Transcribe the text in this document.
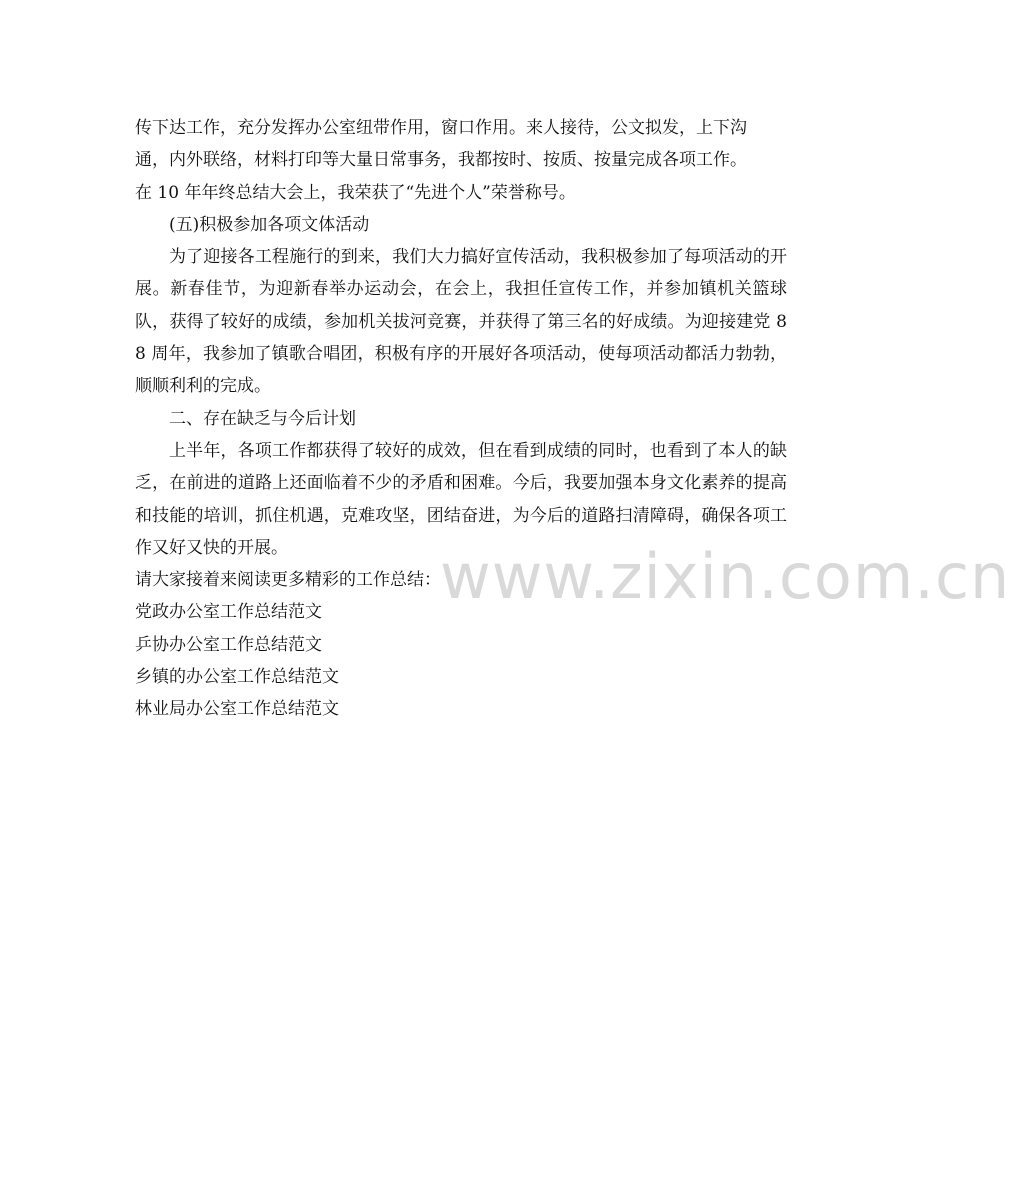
传下达工作，充分发挥办公室纽带作用，窗口作用。来人接待，公文拟发，上下沟

通，内外联络，材料打印等大量日常事务，我都按时、按质、按量完成各项工作。

在 10 年年终总结大会上，我荣获了“先进个人”荣誉称号。

(五)积极参加各项文体活动

为了迎接各工程施行的到来，我们大力搞好宣传活动，我积极参加了每项活动的开展。新春佳节，为迎新春举办运动会，在会上，我担任宣传工作，并参加镇机关篮球队，获得了较好的成绩，参加机关拔河竞赛，并获得了第三名的好成绩。为迎接建党 88 周年，我参加了镇歌合唱团，积极有序的开展好各项活动，使每项活动都活力勃勃，顺顺利利的完成。

二、存在缺乏与今后计划

上半年，各项工作都获得了较好的成效，但在看到成绩的同时，也看到了本人的缺乏，在前进的道路上还面临着不少的矛盾和困难。今后，我要加强本身文化素养的提高和技能的培训，抓住机遇，克难攻坚，团结奋进，为今后的道路扫清障碍，确保各项工作又好又快的开展。

请大家接着来阅读更多精彩的工作总结：

党政办公室工作总结范文
乒协办公室工作总结范文
乡镇的办公室工作总结范文
林业局办公室工作总结范文
www.zixin.com.cn
